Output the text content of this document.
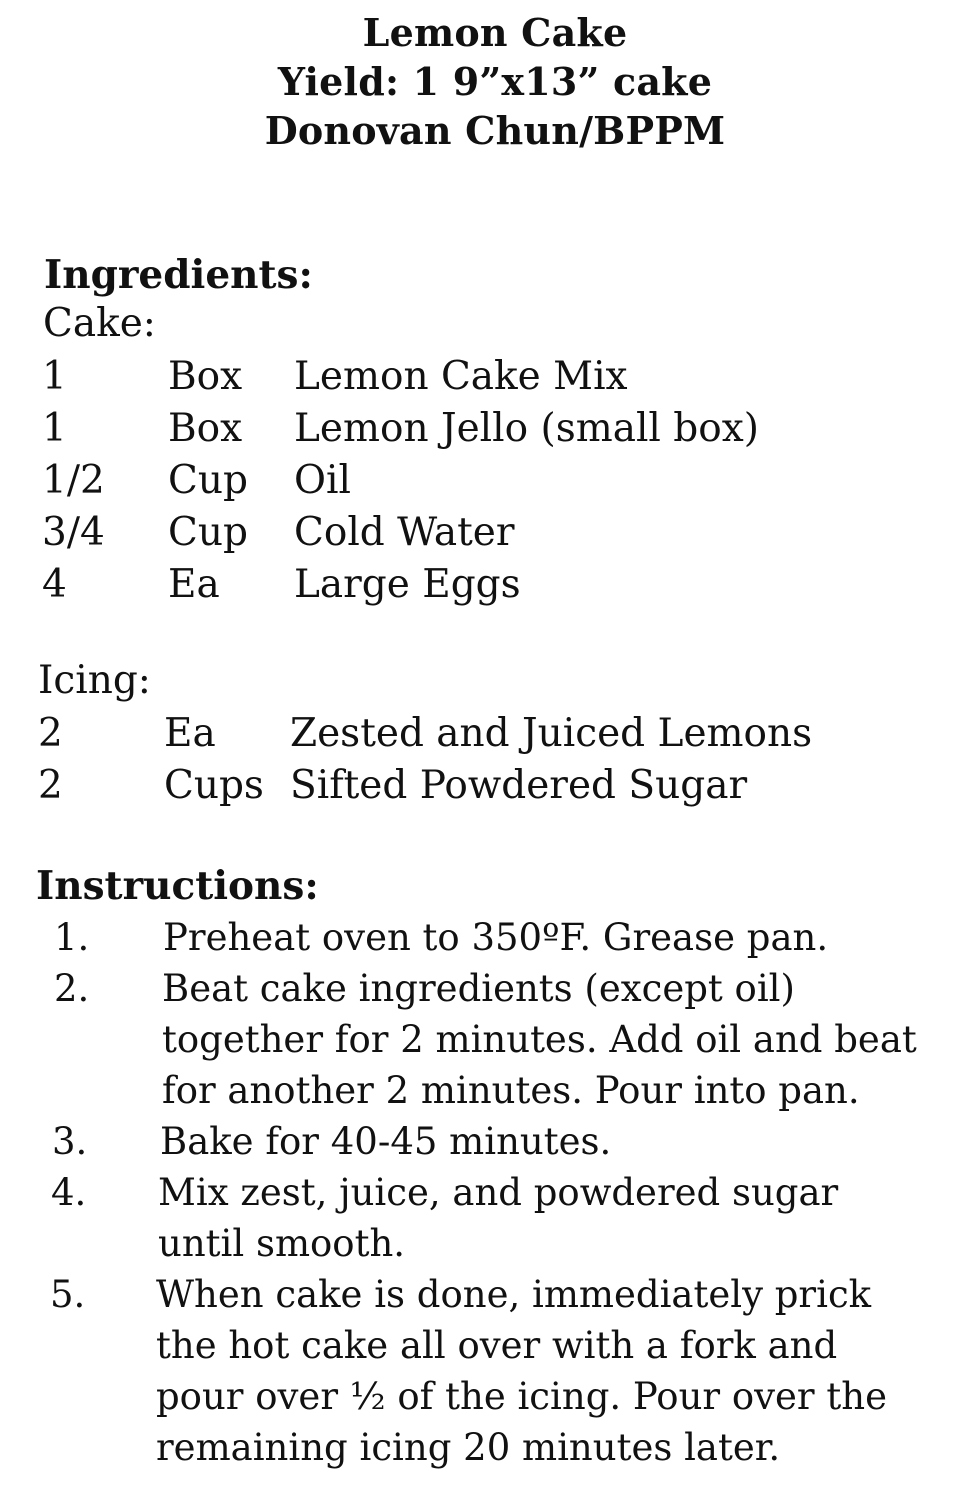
Lemon Cake
Yield: 1 9”x13” cake
Donovan Chun/BPPM
Ingredients:
Cake:
1	Box Lemon Cake Mix
1	Box Lemon Jello (small box)
1/2 Cup Oil
3/4 Cup Cold Water
4	Ea Large Eggs
Icing:
2	Ea Zested and Juiced Lemons
2	Cups Sifted Powdered Sugar
Instructions:
1. Preheat oven to 350ºF. Grease pan.
2. Beat cake ingredients (except oil) together for 2 minutes. Add oil and beat for another 2 minutes. Pour into pan.
3. Bake for 40-45 minutes.
4. Mix zest, juice, and powdered sugar until smooth.
5. When cake is done, immediately prick the hot cake all over with a fork and pour over ½ of the icing. Pour over the remaining icing 20 minutes later.
